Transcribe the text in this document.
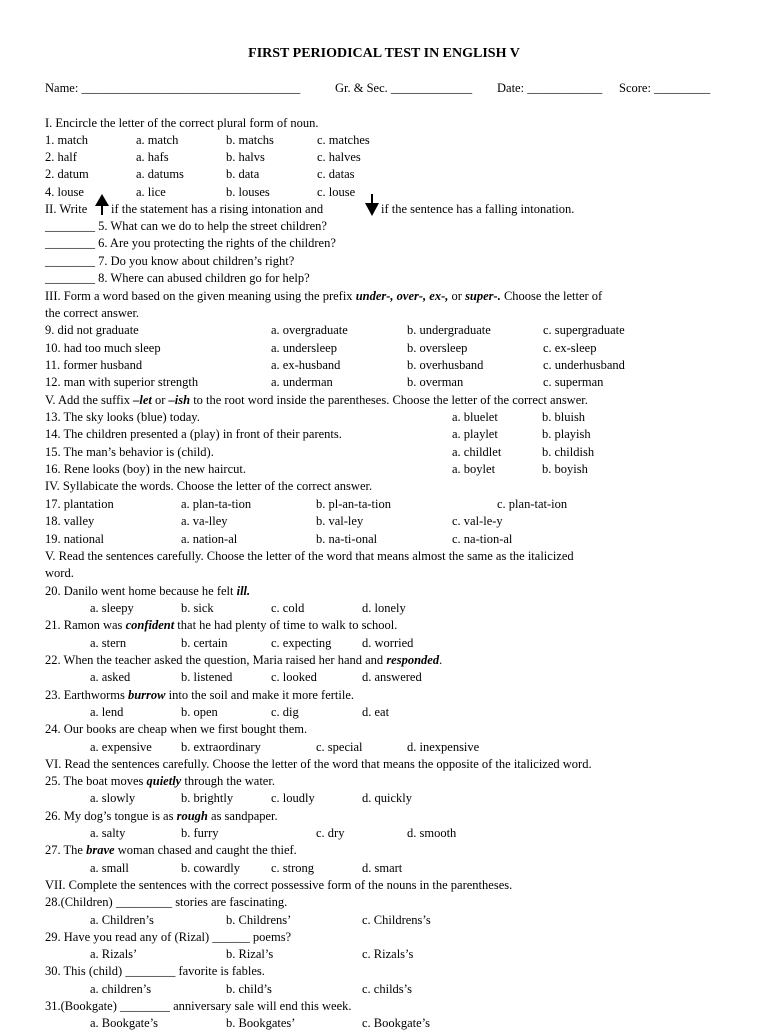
FIRST PERIODICAL TEST IN ENGLISH V
Name: ___________________________________	Gr. & Sec. _____________ Date: ____________ Score: _________
I. Encircle the letter of the correct plural form of noun.
1. match	a. match	b. matchs	c. matches
2. half	a. hafs	b. halvs	c. halves
2. datum	a. datums	b. data	c. datas
4. louse	a. lice	b. louses	c. louse
II. Write if the statement has a rising intonation and	if the sentence has a falling intonation.
________ 5. What can we do to help the street children?
________ 6. Are you protecting the rights of the children?
________ 7. Do you know about children’s right?
________ 8. Where can abused children go for help?
III. Form a word based on the given meaning using the prefix under-, over-, ex-, or super-. Choose the letter of
the correct answer.
9. did not graduate	a. overgraduate	b. undergraduate	c. supergraduate
10. had too much sleep	a. undersleep	b. oversleep	c. ex-sleep
11. former husband	a. ex-husband	b. overhusband	c. underhusband
12. man with superior strength	a. underman	b. overman	c. superman
V. Add the suffix –let or –ish to the root word inside the parentheses. Choose the letter of the correct answer.
13. The sky looks (blue) today.	a. bluelet	b. bluish
14. The children presented a (play) in front of their parents.	a. playlet	b. playish
15. The man’s behavior is (child).	a. childlet	b. childish
16. Rene looks (boy) in the new haircut.	a. boylet	b. boyish
IV. Syllabicate the words. Choose the letter of the correct answer.
17. plantation	a. plan-ta-tion	b. pl-an-ta-tion	c. plan-tat-ion
18. valley	a. va-lley	b. val-ley	c. val-le-y
19. national	a. nation-al	b. na-ti-onal	c. na-tion-al
V. Read the sentences carefully. Choose the letter of the word that means almost the same as the italicized
word.
20. Danilo went home because he felt ill.
a. sleepy	b. sick	c. cold	d. lonely
21. Ramon was confident that he had plenty of time to walk to school.
a. stern	b. certain	c. expecting d. worried
22. When the teacher asked the question, Maria raised her hand and responded.
a. asked	b. listened	c. looked	d. answered
23. Earthworms burrow into the soil and make it more fertile.
a. lend	b. open	c. dig	d. eat
24. Our books are cheap when we first bought them.
a. expensive b. extraordinary	c. special	d. inexpensive
VI. Read the sentences carefully. Choose the letter of the word that means the opposite of the italicized word.
25. The boat moves quietly through the water.
a. slowly	b. brightly	c. loudly	d. quickly
26. My dog’s tongue is as rough as sandpaper.
a. salty	b. furry	c. dry	d. smooth
27. The brave woman chased and caught the thief.
a. small	b. cowardly c. strong	d. smart
VII. Complete the sentences with the correct possessive form of the nouns in the parentheses.
28.(Children) _________ stories are fascinating.
a. Children’s	b. Childrens’	c. Childrens’s
29. Have you read any of (Rizal) ______ poems?
a. Rizals’	b. Rizal’s	c. Rizals’s
30. This (child) ________ favorite is fables.
a. children’s	b. child’s	c. childs’s
31.(Bookgate) ________ anniversary sale will end this week.
a. Bookgate’s	b. Bookgates’	c. Bookgate’s
